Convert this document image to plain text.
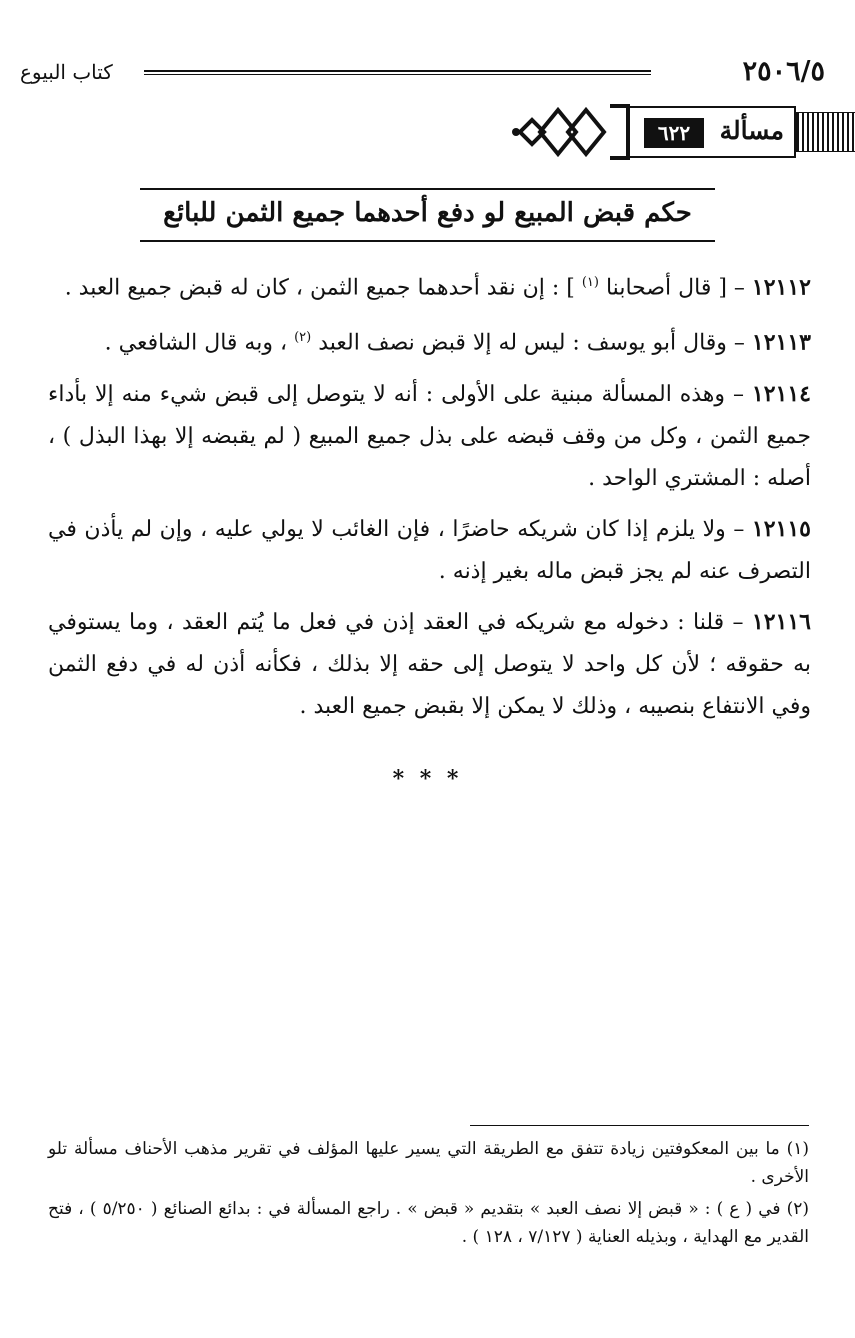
٢٥٠٦/٥
كتاب البيوع
مسألة
٦٢٢
حكم قبض المبيع لو دفع أحدهما جميع الثمن للبائع

١٢١١٢ – [ قال أصحابنا $^{(١)}$ ] : إن نقد أحدهما جميع الثمن ، كان له قبض جميع العبد .

١٢١١٣ – وقال أبو يوسف : ليس له إلا قبض نصف العبد $^{(٢)}$ ، وبه قال الشافعي .

١٢١١٤ – وهذه المسألة مبنية على الأولى : أنه لا يتوصل إلى قبض شيء منه إلا بأداء جميع الثمن ، وكل من وقف قبضه على بذل جميع المبيع ( لم يقبضه إلا بهذا البذل ) ، أصله : المشتري الواحد .

١٢١١٥ – ولا يلزم إذا كان شريكه حاضرًا ، فإن الغائب لا يولي عليه ، وإن لم يأذن في التصرف عنه لم يجز قبض ماله بغير إذنه .

١٢١١٦ – قلنا : دخوله مع شريكه في العقد إذن في فعل ما يُتم العقد ، وما يستوفي به حقوقه ؛ لأن كل واحد لا يتوصل إلى حقه إلا بذلك ، فكأنه أذن له في دفع الثمن وفي الانتفاع بنصيبه ، وذلك لا يمكن إلا بقبض جميع العبد .

* * *

(١) ما بين المعكوفتين زيادة تتفق مع الطريقة التي يسير عليها المؤلف في تقرير مذهب الأحناف مسألة تلو الأخرى .

(٢) في ( ع ) : « قبض إلا نصف العبد » بتقديم « قبض » . راجع المسألة في : بدائع الصنائع ( ٥/٢٥٠ ) ، فتح القدير مع الهداية ، وبذيله العناية ( ٧/١٢٧ ، ١٢٨ ) .
